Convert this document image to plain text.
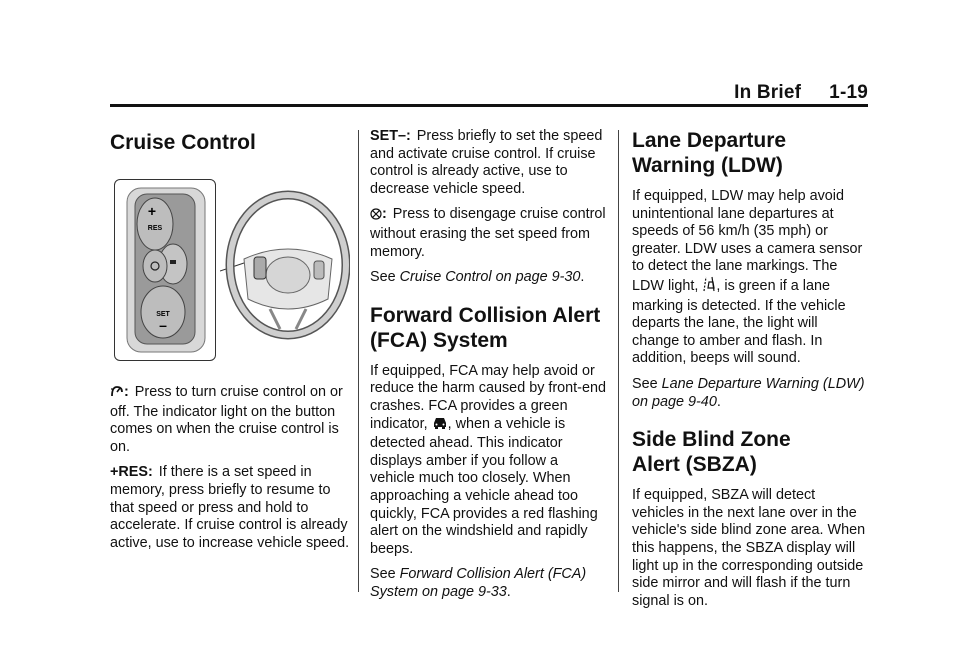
In Brief 1-19
Cruise Control
+
RES
SET
–

: Press to turn cruise control on or off. The indicator light on the button comes on when the cruise control is on.

+RES: If there is a set speed in memory, press briefly to resume to that speed or press and hold to accelerate. If cruise control is already active, use to increase vehicle speed.

SET–: Press briefly to set the speed and activate cruise control. If cruise control is already active, use to decrease vehicle speed.

: Press to disengage cruise control without erasing the set speed from memory.

See Cruise Control on page 9-30.

Forward Collision Alert
(FCA) System

If equipped, FCA may help avoid or reduce the harm caused by front-end crashes. FCA provides a green indicator, , when a vehicle is detected ahead. This indicator displays amber if you follow a vehicle much too closely. When approaching a vehicle ahead too quickly, FCA provides a red flashing alert on the windshield and rapidly beeps.

See Forward Collision Alert (FCA) System on page 9-33.

Lane Departure
Warning (LDW)

If equipped, LDW may help avoid unintentional lane departures at speeds of 56 km/h (35 mph) or greater. LDW uses a camera sensor to detect the lane markings. The LDW light, , is green if a lane marking is detected. If the vehicle departs the lane, the light will change to amber and flash. In addition, beeps will sound.

See Lane Departure Warning (LDW) on page 9-40.

Side Blind Zone
Alert (SBZA)

If equipped, SBZA will detect vehicles in the next lane over in the vehicle's side blind zone area. When this happens, the SBZA display will light up in the corresponding outside side mirror and will flash if the turn signal is on.
